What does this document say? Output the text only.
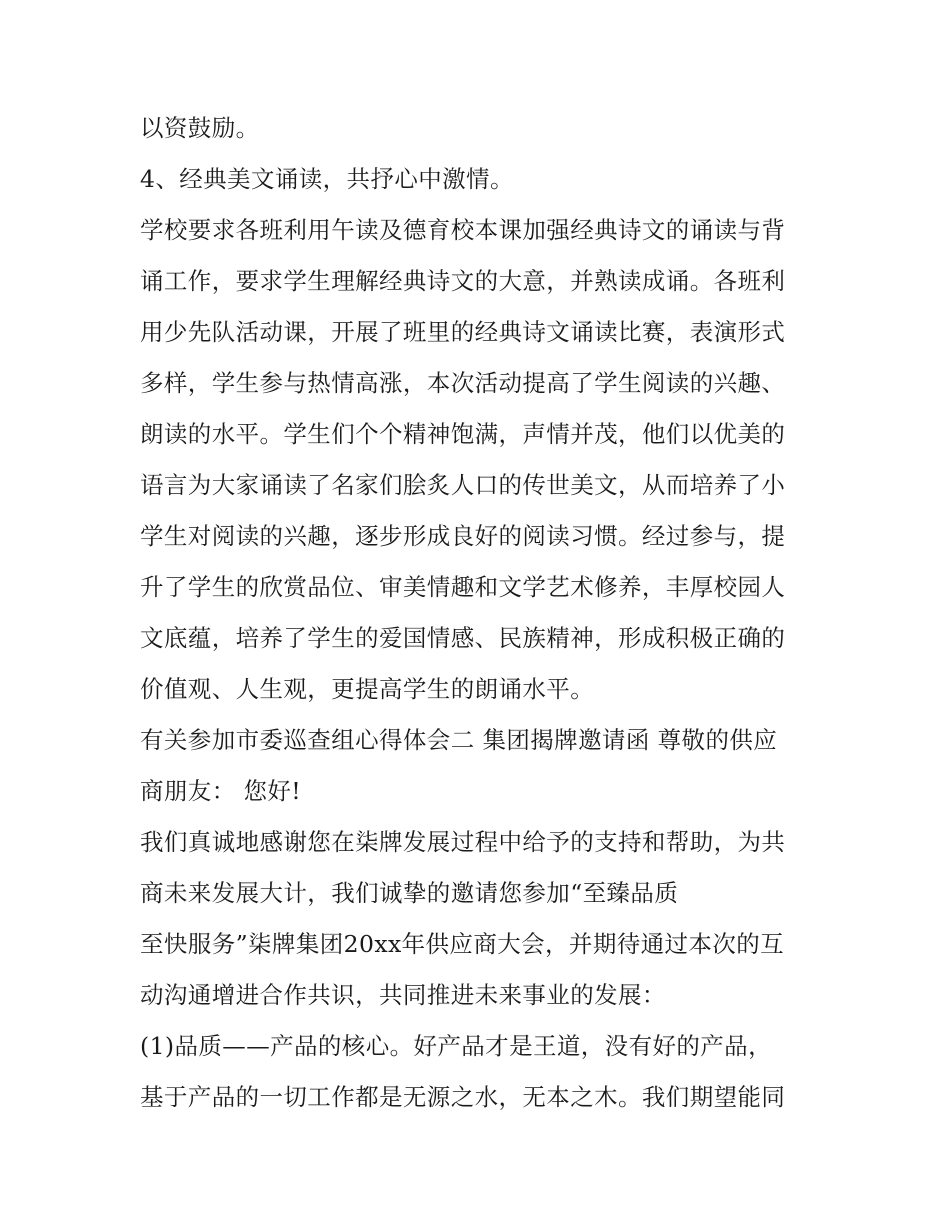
以资鼓励。
4、经典美文诵读，共抒心中激情。
学校要求各班利用午读及德育校本课加强经典诗文的诵读与背
诵工作，要求学生理解经典诗文的大意，并熟读成诵。各班利
用少先队活动课，开展了班里的经典诗文诵读比赛，表演形式
多样，学生参与热情高涨，本次活动提高了学生阅读的兴趣、
朗读的水平。学生们个个精神饱满，声情并茂，他们以优美的
语言为大家诵读了名家们脍炙人口的传世美文，从而培养了小
学生对阅读的兴趣，逐步形成良好的阅读习惯。经过参与，提
升了学生的欣赏品位、审美情趣和文学艺术修养，丰厚校园人
文底蕴，培养了学生的爱国情感、民族精神，形成积极正确的
价值观、人生观，更提高学生的朗诵水平。
有关参加市委巡查组心得体会二 集团揭牌邀请函 尊敬的供应
商朋友： 您好!
我们真诚地感谢您在柒牌发展过程中给予的支持和帮助，为共
商未来发展大计，我们诚挚的邀请您参加“至臻品质
至快服务”柒牌集团20xx年供应商大会，并期待通过本次的互
动沟通增进合作共识，共同推进未来事业的发展：
(1)品质——产品的核心。好产品才是王道，没有好的产品，
基于产品的一切工作都是无源之水，无本之木。我们期望能同
